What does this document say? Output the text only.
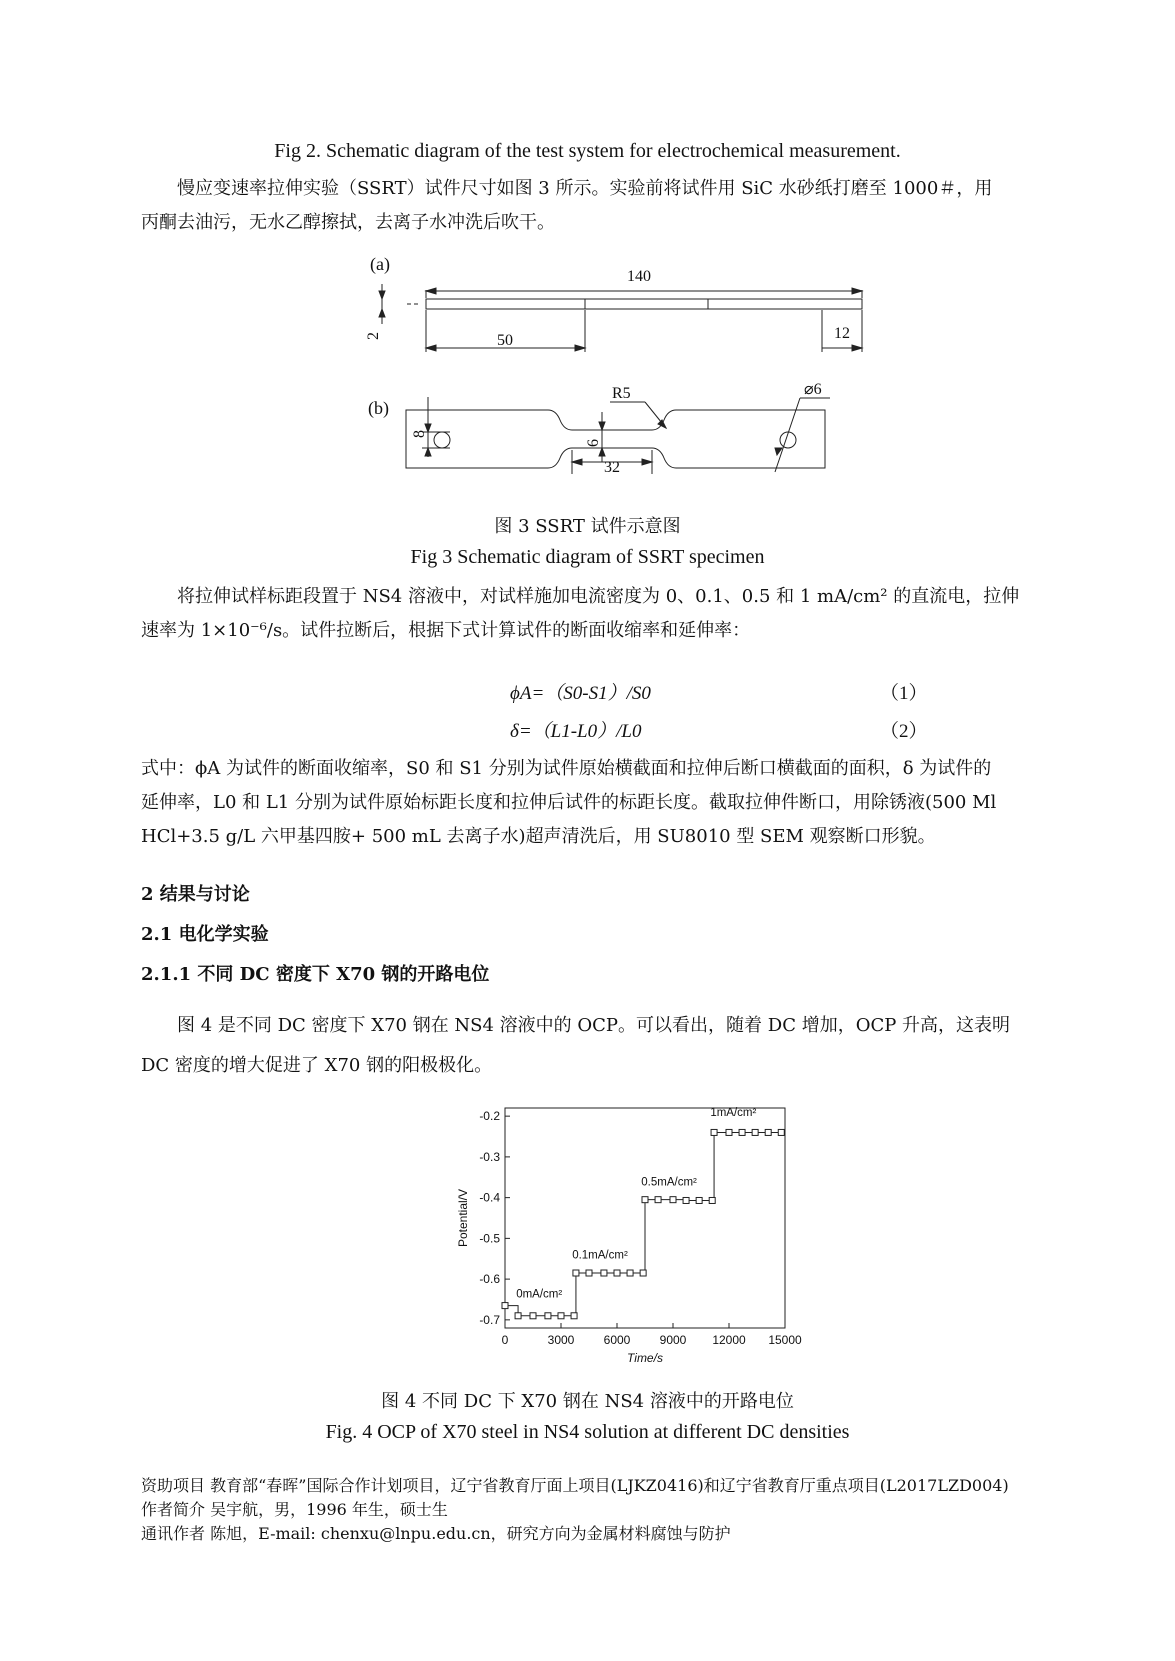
Fig 2. Schematic diagram of the test system for electrochemical measurement.

慢应变速率拉伸实验（SSRT）试件尺寸如图 3 所示。实验前将试件用 SiC 水砂纸打磨至 1000＃，用

丙酮去油污，无水乙醇擦拭，去离子水冲洗后吹干。

(a)
140
50	12
2
(b)
R5	⌀6
8
6
32
图 3 SSRT 试件示意图
Fig 3 Schematic diagram of SSRT specimen

将拉伸试样标距段置于 NS4 溶液中，对试样施加电流密度为 0、0.1、0.5 和 1 mA/cm² 的直流电，拉伸

速率为 1×10⁻⁶/s。试件拉断后，根据下式计算试件的断面收缩率和延伸率：

ϕA=（S0-S1）/S0	（1）
δ=（L1-L0）/L0	（2）

式中：ϕA 为试件的断面收缩率，S0 和 S1 分别为试件原始横截面和拉伸后断口横截面的面积，δ 为试件的

延伸率，L0 和 L1 分别为试件原始标距长度和拉伸后试件的标距长度。截取拉伸件断口，用除锈液(500 Ml

HCl+3.5 g/L 六甲基四胺+ 500 mL 去离子水)超声清洗后，用 SU8010 型 SEM 观察断口形貌。

2 结果与讨论
2.1 电化学实验
2.1.1 不同 DC 密度下 X70 钢的开路电位

图 4 是不同 DC 密度下 X70 钢在 NS4 溶液中的 OCP。可以看出，随着 DC 增加，OCP 升高，这表明

DC 密度的增大促进了 X70 钢的阳极极化。

0	3000 6000 9000 12000 15000
-0.7
-0.6
-0.5
-0.4
-0.3
-0.2
Time/s
Potential/V
0mA/cm²
0.1mA/cm²
0.5mA/cm²
1mA/cm²
图 4 不同 DC 下 X70 钢在 NS4 溶液中的开路电位
Fig. 4 OCP of X70 steel in NS4 solution at different DC densities
资助项目 教育部“春晖”国际合作计划项目，辽宁省教育厅面上项目(LJKZ0416)和辽宁省教育厅重点项目(L2017LZD004)
作者简介 吴宇航，男，1996 年生，硕士生
通讯作者 陈旭，E-mail: chenxu@lnpu.edu.cn，研究方向为金属材料腐蚀与防护
